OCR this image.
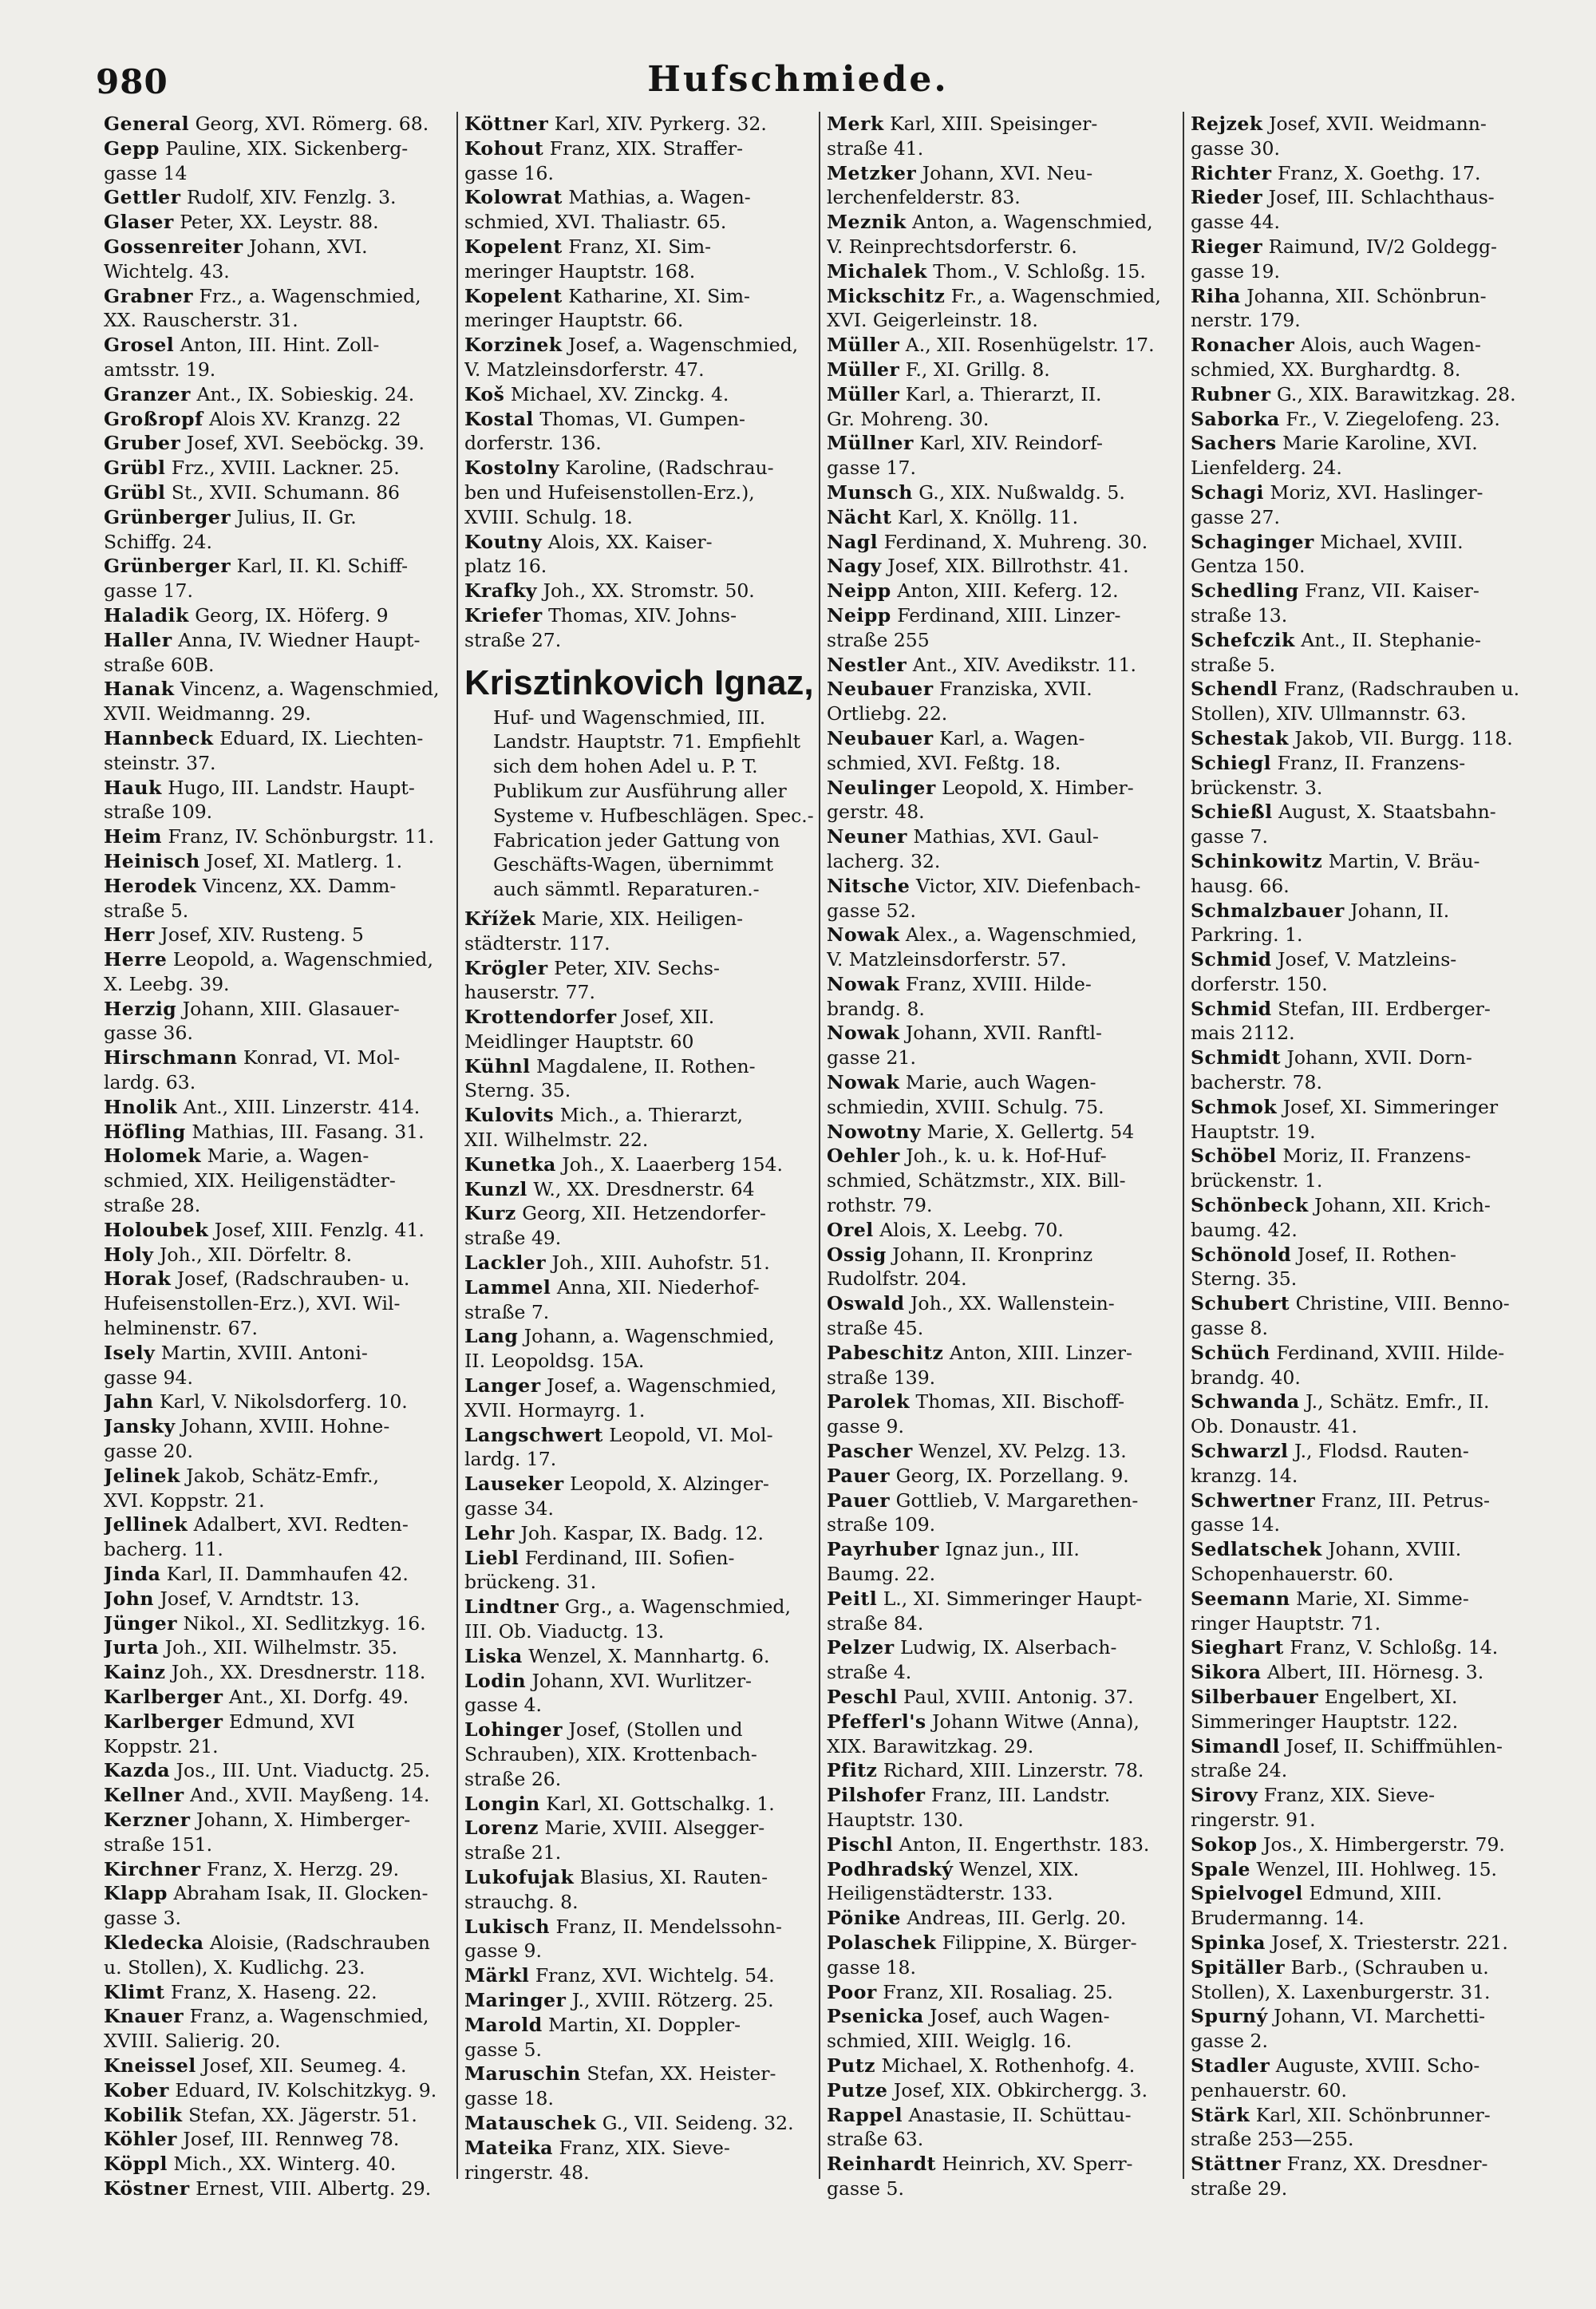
980	Hufschmiede.
General Georg, XVI. Römerg. 68.
Gepp Pauline, XIX. Sickenberg-
gasse 14
Gettler Rudolf, XIV. Fenzlg. 3.
Glaser Peter, XX. Leystr. 88.
Gossenreiter Johann, XVI.
Wichtelg. 43.
Grabner Frz., a. Wagenschmied,
XX. Rauscherstr. 31.
Grosel Anton, III. Hint. Zoll-
amtsstr. 19.
Granzer Ant., IX. Sobieskig. 24.
Großropf Alois XV. Kranzg. 22
Gruber Josef, XVI. Seeböckg. 39.
Grübl Frz., XVIII. Lackner. 25.
Grübl St., XVII. Schumann. 86
Grünberger Julius, II. Gr.
Schiffg. 24.
Grünberger Karl, II. Kl. Schiff-
gasse 17.
Haladik Georg, IX. Höferg. 9
Haller Anna, IV. Wiedner Haupt-
straße 60B.
Hanak Vincenz, a. Wagenschmied,
XVII. Weidmanng. 29.
Hannbeck Eduard, IX. Liechten-
steinstr. 37.
Hauk Hugo, III. Landstr. Haupt-
straße 109.
Heim Franz, IV. Schönburgstr. 11.
Heinisch Josef, XI. Matlerg. 1.
Herodek Vincenz, XX. Damm-
straße 5.
Herr Josef, XIV. Rusteng. 5
Herre Leopold, a. Wagenschmied,
X. Leebg. 39.
Herzig Johann, XIII. Glasauer-
gasse 36.
Hirschmann Konrad, VI. Mol-
lardg. 63.
Hnolik Ant., XIII. Linzerstr. 414.
Höfling Mathias, III. Fasang. 31.
Holomek Marie, a. Wagen-
schmied, XIX. Heiligenstädter-
straße 28.
Holoubek Josef, XIII. Fenzlg. 41.
Holy Joh., XII. Dörfeltr. 8.
Horak Josef, (Radschrauben- u.
Hufeisenstollen-Erz.), XVI. Wil-
helminenstr. 67.
Isely Martin, XVIII. Antoni-
gasse 94.
Jahn Karl, V. Nikolsdorferg. 10.
Jansky Johann, XVIII. Hohne-
gasse 20.
Jelinek Jakob, Schätz-Emfr.,
XVI. Koppstr. 21.
Jellinek Adalbert, XVI. Redten-
bacherg. 11.
Jinda Karl, II. Dammhaufen 42.
John Josef, V. Arndtstr. 13.
Jünger Nikol., XI. Sedlitzkyg. 16.
Jurta Joh., XII. Wilhelmstr. 35.
Kainz Joh., XX. Dresdnerstr. 118.
Karlberger Ant., XI. Dorfg. 49.
Karlberger Edmund, XVI
Koppstr. 21.
Kazda Jos., III. Unt. Viaductg. 25.
Kellner And., XVII. Mayßeng. 14.
Kerzner Johann, X. Himberger-
straße 151.
Kirchner Franz, X. Herzg. 29.
Klapp Abraham Isak, II. Glocken-
gasse 3.
Kledecka Aloisie, (Radschrauben
u. Stollen), X. Kudlichg. 23.
Klimt Franz, X. Haseng. 22.
Knauer Franz, a. Wagenschmied,
XVIII. Salierig. 20.
Kneissel Josef, XII. Seumeg. 4.
Kober Eduard, IV. Kolschitzkyg. 9.
Kobilik Stefan, XX. Jägerstr. 51.
Köhler Josef, III. Rennweg 78.
Köppl Mich., XX. Winterg. 40.
Köstner Ernest, VIII. Albertg. 29.
Köttner Karl, XIV. Pyrkerg. 32.
Kohout Franz, XIX. Straffer-
gasse 16.
Kolowrat Mathias, a. Wagen-
schmied, XVI. Thaliastr. 65.
Kopelent Franz, XI. Sim-
meringer Hauptstr. 168.
Kopelent Katharine, XI. Sim-
meringer Hauptstr. 66.
Korzinek Josef, a. Wagenschmied,
V. Matzleinsdorferstr. 47.
Koš Michael, XV. Zinckg. 4.
Kostal Thomas, VI. Gumpen-
dorferstr. 136.
Kostolny Karoline, (Radschrau-
ben und Hufeisenstollen-Erz.),
XVIII. Schulg. 18.
Koutny Alois, XX. Kaiser-
platz 16.
Krafky Joh., XX. Stromstr. 50.
Kriefer Thomas, XIV. Johns-
straße 27.
Krisztinkovich Ignaz,
Huf- und Wagenschmied, III.
Landstr. Hauptstr. 71. Empfiehlt
sich dem hohen Adel u. P. T.
Publikum zur Ausführung aller
Systeme v. Hufbeschlägen. Spec.-
Fabrication jeder Gattung von
Geschäfts-Wagen, übernimmt
auch sämmtl. Reparaturen.-
Křížek Marie, XIX. Heiligen-
städterstr. 117.
Krögler Peter, XIV. Sechs-
hauserstr. 77.
Krottendorfer Josef, XII.
Meidlinger Hauptstr. 60
Kühnl Magdalene, II. Rothen-
Sterng. 35.
Kulovits Mich., a. Thierarzt,
XII. Wilhelmstr. 22.
Kunetka Joh., X. Laaerberg 154.
Kunzl W., XX. Dresdnerstr. 64
Kurz Georg, XII. Hetzendorfer-
straße 49.
Lackler Joh., XIII. Auhofstr. 51.
Lammel Anna, XII. Niederhof-
straße 7.
Lang Johann, a. Wagenschmied,
II. Leopoldsg. 15A.
Langer Josef, a. Wagenschmied,
XVII. Hormayrg. 1.
Langschwert Leopold, VI. Mol-
lardg. 17.
Lauseker Leopold, X. Alzinger-
gasse 34.
Lehr Joh. Kaspar, IX. Badg. 12.
Liebl Ferdinand, III. Sofien-
brückeng. 31.
Lindtner Grg., a. Wagenschmied,
III. Ob. Viaductg. 13.
Liska Wenzel, X. Mannhartg. 6.
Lodin Johann, XVI. Wurlitzer-
gasse 4.
Lohinger Josef, (Stollen und
Schrauben), XIX. Krottenbach-
straße 26.
Longin Karl, XI. Gottschalkg. 1.
Lorenz Marie, XVIII. Alsegger-
straße 21.
Lukofujak Blasius, XI. Rauten-
strauchg. 8.
Lukisch Franz, II. Mendelssohn-
gasse 9.
Märkl Franz, XVI. Wichtelg. 54.
Maringer J., XVIII. Rötzerg. 25.
Marold Martin, XI. Doppler-
gasse 5.
Maruschin Stefan, XX. Heister-
gasse 18.
Matauschek G., VII. Seideng. 32.
Mateika Franz, XIX. Sieve-
ringerstr. 48.
Merk Karl, XIII. Speisinger-
straße 41.
Metzker Johann, XVI. Neu-
lerchenfelderstr. 83.
Meznik Anton, a. Wagenschmied,
V. Reinprechtsdorferstr. 6.
Michalek Thom., V. Schloßg. 15.
Mickschitz Fr., a. Wagenschmied,
XVI. Geigerleinstr. 18.
Müller A., XII. Rosenhügelstr. 17.
Müller F., XI. Grillg. 8.
Müller Karl, a. Thierarzt, II.
Gr. Mohreng. 30.
Müllner Karl, XIV. Reindorf-
gasse 17.
Munsch G., XIX. Nußwaldg. 5.
Nächt Karl, X. Knöllg. 11.
Nagl Ferdinand, X. Muhreng. 30.
Nagy Josef, XIX. Billrothstr. 41.
Neipp Anton, XIII. Keferg. 12.
Neipp Ferdinand, XIII. Linzer-
straße 255
Nestler Ant., XIV. Avedikstr. 11.
Neubauer Franziska, XVII.
Ortliebg. 22.
Neubauer Karl, a. Wagen-
schmied, XVI. Feßtg. 18.
Neulinger Leopold, X. Himber-
gerstr. 48.
Neuner Mathias, XVI. Gaul-
lacherg. 32.
Nitsche Victor, XIV. Diefenbach-
gasse 52.
Nowak Alex., a. Wagenschmied,
V. Matzleinsdorferstr. 57.
Nowak Franz, XVIII. Hilde-
brandg. 8.
Nowak Johann, XVII. Ranftl-
gasse 21.
Nowak Marie, auch Wagen-
schmiedin, XVIII. Schulg. 75.
Nowotny Marie, X. Gellertg. 54
Oehler Joh., k. u. k. Hof-Huf-
schmied, Schätzmstr., XIX. Bill-
rothstr. 79.
Orel Alois, X. Leebg. 70.
Ossig Johann, II. Kronprinz
Rudolfstr. 204.
Oswald Joh., XX. Wallenstein-
straße 45.
Pabeschitz Anton, XIII. Linzer-
straße 139.
Parolek Thomas, XII. Bischoff-
gasse 9.
Pascher Wenzel, XV. Pelzg. 13.
Pauer Georg, IX. Porzellang. 9.
Pauer Gottlieb, V. Margarethen-
straße 109.
Payrhuber Ignaz jun., III.
Baumg. 22.
Peitl L., XI. Simmeringer Haupt-
straße 84.
Pelzer Ludwig, IX. Alserbach-
straße 4.
Peschl Paul, XVIII. Antonig. 37.
Pfefferl's Johann Witwe (Anna),
XIX. Barawitzkag. 29.
Pfitz Richard, XIII. Linzerstr. 78.
Pilshofer Franz, III. Landstr.
Hauptstr. 130.
Pischl Anton, II. Engerthstr. 183.
Podhradský Wenzel, XIX.
Heiligenstädterstr. 133.
Pönike Andreas, III. Gerlg. 20.
Polaschek Filippine, X. Bürger-
gasse 18.
Poor Franz, XII. Rosaliag. 25.
Psenicka Josef, auch Wagen-
schmied, XIII. Weiglg. 16.
Putz Michael, X. Rothenhofg. 4.
Putze Josef, XIX. Obkirchergg. 3.
Rappel Anastasie, II. Schüttau-
straße 63.
Reinhardt Heinrich, XV. Sperr-
gasse 5.
Rejzek Josef, XVII. Weidmann-
gasse 30.
Richter Franz, X. Goethg. 17.
Rieder Josef, III. Schlachthaus-
gasse 44.
Rieger Raimund, IV/2 Goldegg-
gasse 19.
Riha Johanna, XII. Schönbrun-
nerstr. 179.
Ronacher Alois, auch Wagen-
schmied, XX. Burghardtg. 8.
Rubner G., XIX. Barawitzkag. 28.
Saborka Fr., V. Ziegelofeng. 23.
Sachers Marie Karoline, XVI.
Lienfelderg. 24.
Schagi Moriz, XVI. Haslinger-
gasse 27.
Schaginger Michael, XVIII.
Gentza 150.
Schedling Franz, VII. Kaiser-
straße 13.
Schefczik Ant., II. Stephanie-
straße 5.
Schendl Franz, (Radschrauben u.
Stollen), XIV. Ullmannstr. 63.
Schestak Jakob, VII. Burgg. 118.
Schiegl Franz, II. Franzens-
brückenstr. 3.
Schießl August, X. Staatsbahn-
gasse 7.
Schinkowitz Martin, V. Bräu-
hausg. 66.
Schmalzbauer Johann, II.
Parkring. 1.
Schmid Josef, V. Matzleins-
dorferstr. 150.
Schmid Stefan, III. Erdberger-
mais 2112.
Schmidt Johann, XVII. Dorn-
bacherstr. 78.
Schmok Josef, XI. Simmeringer
Hauptstr. 19.
Schöbel Moriz, II. Franzens-
brückenstr. 1.
Schönbeck Johann, XII. Krich-
baumg. 42.
Schönold Josef, II. Rothen-
Sterng. 35.
Schubert Christine, VIII. Benno-
gasse 8.
Schüch Ferdinand, XVIII. Hilde-
brandg. 40.
Schwanda J., Schätz. Emfr., II.
Ob. Donaustr. 41.
Schwarzl J., Flodsd. Rauten-
kranzg. 14.
Schwertner Franz, III. Petrus-
gasse 14.
Sedlatschek Johann, XVIII.
Schopenhauerstr. 60.
Seemann Marie, XI. Simme-
ringer Hauptstr. 71.
Sieghart Franz, V. Schloßg. 14.
Sikora Albert, III. Hörnesg. 3.
Silberbauer Engelbert, XI.
Simmeringer Hauptstr. 122.
Simandl Josef, II. Schiffmühlen-
straße 24.
Sirovy Franz, XIX. Sieve-
ringerstr. 91.
Sokop Jos., X. Himbergerstr. 79.
Spale Wenzel, III. Hohlweg. 15.
Spielvogel Edmund, XIII.
Brudermanng. 14.
Spinka Josef, X. Triesterstr. 221.
Spitäller Barb., (Schrauben u.
Stollen), X. Laxenburgerstr. 31.
Spurný Johann, VI. Marchetti-
gasse 2.
Stadler Auguste, XVIII. Scho-
penhauerstr. 60.
Stärk Karl, XII. Schönbrunner-
straße 253—255.
Stättner Franz, XX. Dresdner-
straße 29.
